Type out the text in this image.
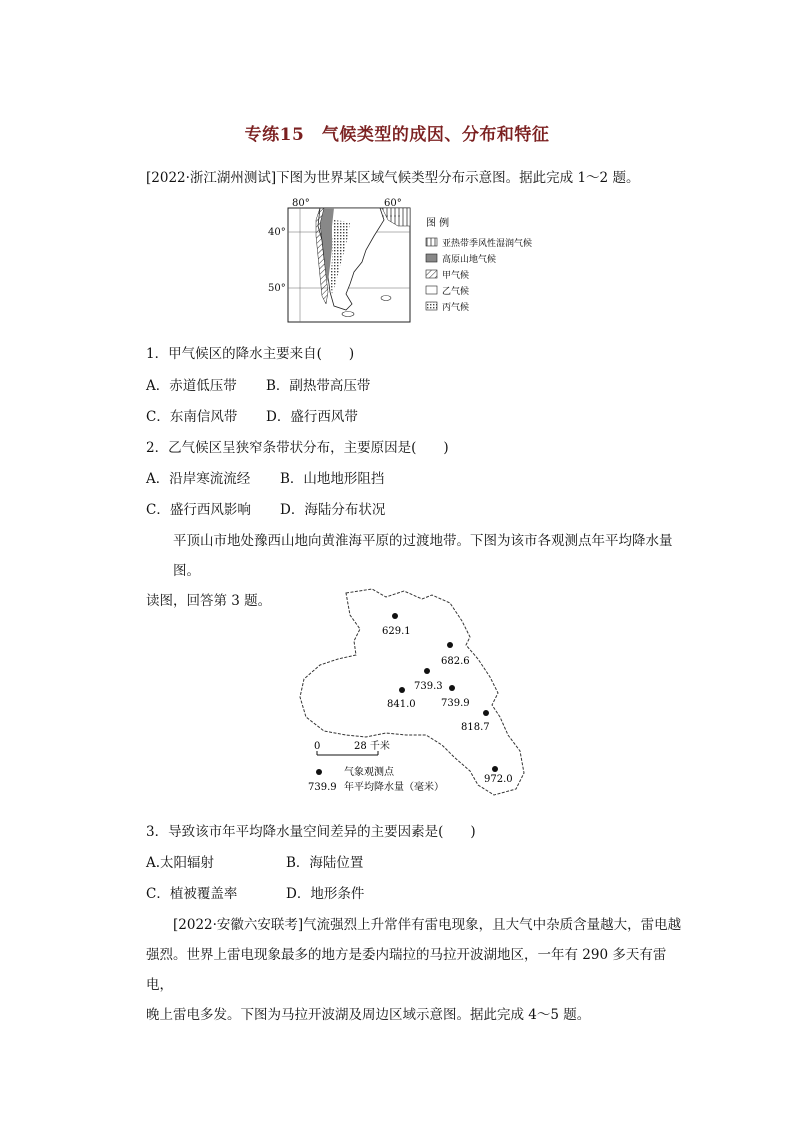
专练15　气候类型的成因、分布和特征
[2022·浙江湖州测试]下图为世界某区域气候类型分布示意图。据此完成 1～2 题。
80°	60°
40°
50°
图 例
亚热带季风性湿润气候
高原山地气候
甲气候
乙气候
丙气候
1．甲气候区的降水主要来自(　　)
A．赤道低压带 B．副热带高压带
C．东南信风带 D．盛行西风带
2．乙气候区呈狭窄条带状分布，主要原因是(　　)
A．沿岸寒流流经 B．山地地形阻挡
C．盛行西风影响 D．海陆分布状况
平顶山市地处豫西山地向黄淮海平原的过渡地带。下图为该市各观测点年平均降水量图。
读图，回答第 3 题。
629.1
682.6
739.3
739.9
841.0
818.7
972.0
0	28 千米
739.9
气象观测点
年平均降水量（毫米）
3．导致该市年平均降水量空间差异的主要因素是(　　)
A.太阳辐射	B．海陆位置
C．植被覆盖率	D．地形条件
[2022·安徽六安联考]气流强烈上升常伴有雷电现象，且大气中杂质含量越大，雷电越
强烈。世界上雷电现象最多的地方是委内瑞拉的马拉开波湖地区，一年有 290 多天有雷电，
晚上雷电多发。下图为马拉开波湖及周边区域示意图。据此完成 4～5 题。
